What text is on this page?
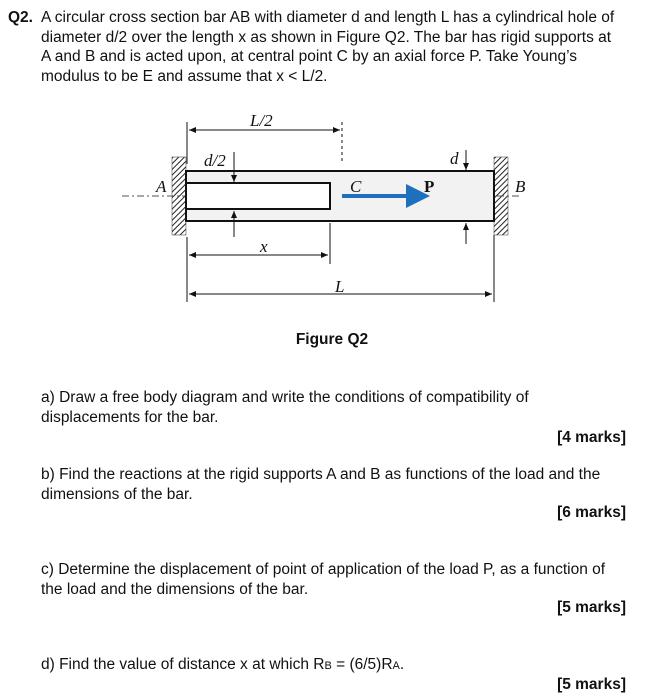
Q2. A circular cross section bar AB with diameter d and length L has a cylindrical hole of
diameter d/2 over the length x as shown in Figure Q2. The bar has rigid supports at
A and B and is acted upon, at central point C by an axial force P. Take Young’s
modulus to be E and assume that x < L/2.
L/2
d/2	d
A	B
C	P
x
L
Figure Q2
a) Draw a free body diagram and write the conditions of compatibility of
displacements for the bar.
[4 marks]
b) Find the reactions at the rigid supports A and B as functions of the load and the
dimensions of the bar.
[6 marks]
c) Determine the displacement of point of application of the load P, as a function of
the load and the dimensions of the bar.
[5 marks]
d) Find the value of distance x at which RB = (6/5)RA.
[5 marks]
